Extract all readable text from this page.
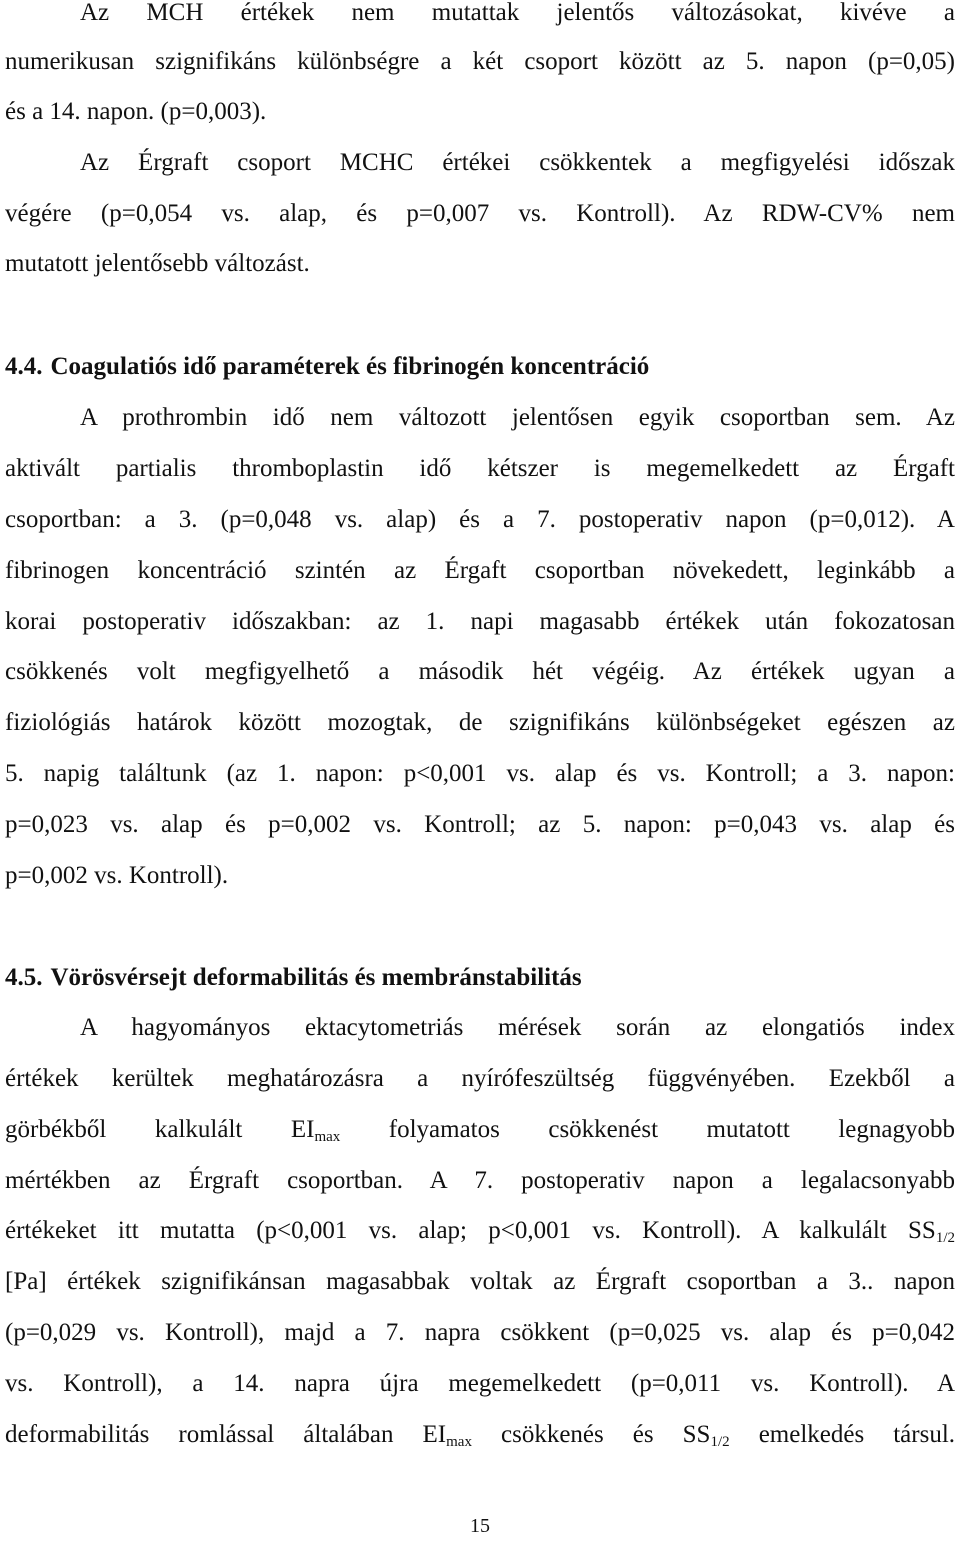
Az MCH értékek nem mutattak jelentős változásokat, kivéve a
numerikusan szignifikáns különbségre a két csoport között az 5. napon (p=0,05)
és a 14. napon. (p=0,003).
Az Érgraft csoport MCHC értékei csökkentek a megfigyelési időszak
végére (p=0,054 vs. alap, és p=0,007 vs. Kontroll). Az RDW-CV% nem
mutatott jelentősebb változást.
4.4. Coagulatiós idő paraméterek és fibrinogén koncentráció
A prothrombin idő nem változott jelentősen egyik csoportban sem. Az
aktivált partialis thromboplastin idő kétszer is megemelkedett az Érgaft
csoportban: a 3. (p=0,048 vs. alap) és a 7. postoperativ napon (p=0,012). A
fibrinogen koncentráció szintén az Érgaft csoportban növekedett, leginkább a
korai postoperativ időszakban: az 1. napi magasabb értékek után fokozatosan
csökkenés volt megfigyelhető a második hét végéig. Az értékek ugyan a
fiziológiás határok között mozogtak, de szignifikáns különbségeket egészen az
5. napig találtunk (az 1. napon: p<0,001 vs. alap és vs. Kontroll; a 3. napon:
p=0,023 vs. alap és p=0,002 vs. Kontroll; az 5. napon: p=0,043 vs. alap és
p=0,002 vs. Kontroll).
4.5. Vörösvérsejt deformabilitás és membránstabilitás
A hagyományos ektacytometriás mérések során az elongatiós index
értékek kerültek meghatározásra a nyírófeszültség függvényében. Ezekből a
görbékből kalkulált $EI_{max}$ folyamatos csökkenést mutatott legnagyobb
mértékben az Érgraft csoportban. A 7. postoperativ napon a legalacsonyabb
értékeket itt mutatta (p<0,001 vs. alap; p<0,001 vs. Kontroll). A kalkulált $SS_{1/2}$
[Pa] értékek szignifikánsan magasabbak voltak az Érgraft csoportban a 3.. napon
(p=0,029 vs. Kontroll), majd a 7. napra csökkent (p=0,025 vs. alap és p=0,042
vs. Kontroll), a 14. napra újra megemelkedett (p=0,011 vs. Kontroll). A
deformabilitás romlással általában $EI_{max}$ csökkenés és $SS_{1/2}$ emelkedés társul.
15
